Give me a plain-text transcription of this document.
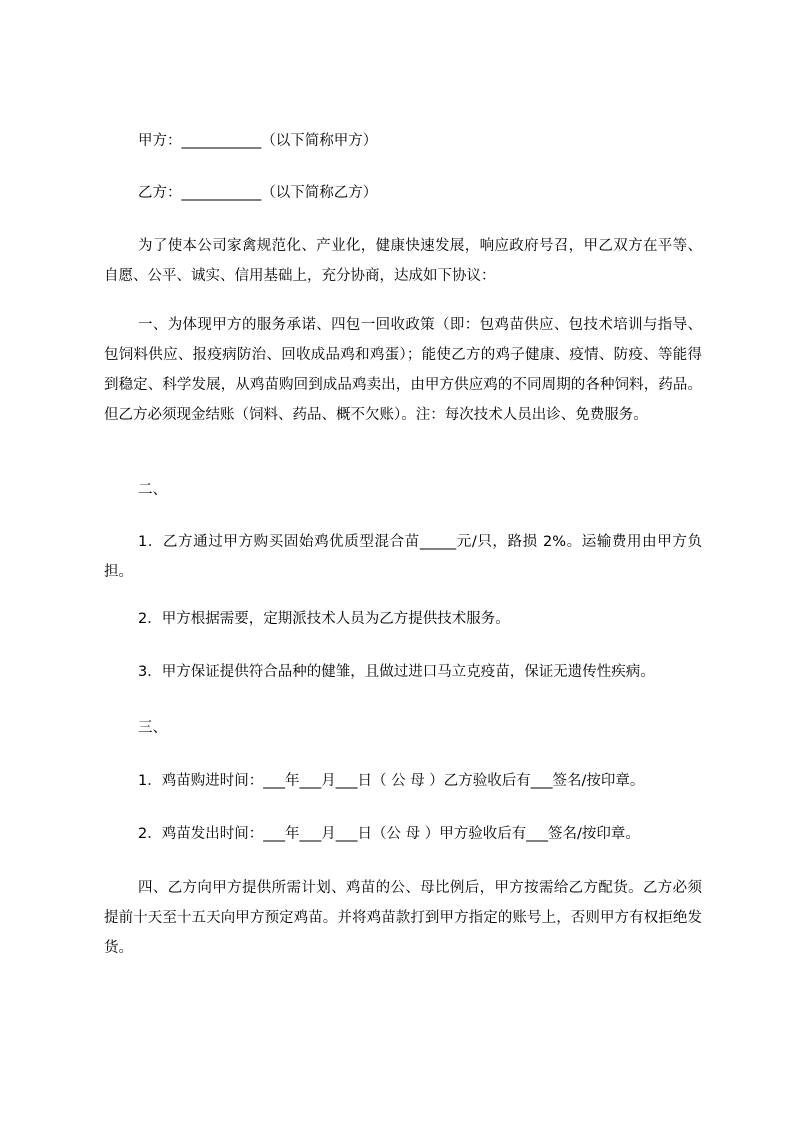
甲方：___________（以下简称甲方）

乙方：___________（以下简称乙方）

为了使本公司家禽规范化、产业化，健康快速发展，响应政府号召，甲乙双方在平等、自愿、公平、诚实、信用基础上，充分协商，达成如下协议：

一、为体现甲方的服务承诺、四包一回收政策（即：包鸡苗供应、包技术培训与指导、包饲料供应、报疫病防治、回收成品鸡和鸡蛋）；能使乙方的鸡子健康、疫情、防疫、等能得到稳定、科学发展，从鸡苗购回到成品鸡卖出，由甲方供应鸡的不同周期的各种饲料，药品。但乙方必须现金结账（饲料、药品、概不欠账）。注：每次技术人员出诊、免费服务。

二、

1．乙方通过甲方购买固始鸡优质型混合苗_____元/只，路损 2%。运输费用由甲方负担。

2．甲方根据需要，定期派技术人员为乙方提供技术服务。

3．甲方保证提供符合品种的健雏，且做过进口马立克疫苗，保证无遗传性疾病。

三、

1．鸡苗购进时间：___年___月___日（ 公 母 ）乙方验收后有___签名/按印章。

2．鸡苗发出时间：___年___月___日（公 母 ）甲方验收后有___签名/按印章。

四、乙方向甲方提供所需计划、鸡苗的公、母比例后，甲方按需给乙方配货。乙方必须提前十天至十五天向甲方预定鸡苗。并将鸡苗款打到甲方指定的账号上，否则甲方有权拒绝发货。
